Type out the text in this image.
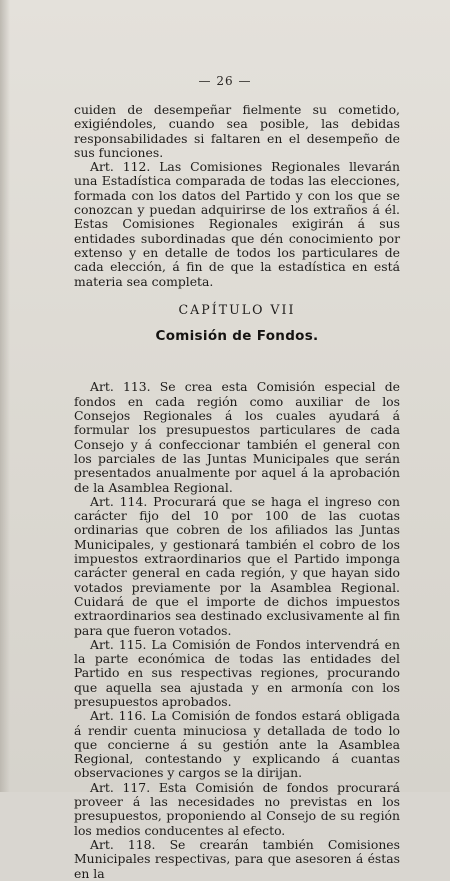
— 26 —

cuiden de desempeñar fielmente su cometido, exigiéndoles, cuando sea posible, las debidas responsabilidades si faltaren en el desempeño de sus funciones.

Art. 112. Las Comisiones Regionales llevarán una Estadística comparada de todas las elecciones, formada con los datos del Partido y con los que se conozcan y puedan adquirirse de los extraños á él. Estas Comisiones Regionales exigirán á sus entidades subordinadas que dén conocimiento por extenso y en detalle de todos los particulares de cada elección, á fin de que la estadística en está materia sea completa.

CAPÍTULO VII
Comisión de Fondos.

Art. 113. Se crea esta Comisión especial de fondos en cada región como auxiliar de los Consejos Regionales á los cuales ayudará á formular los presupuestos particulares de cada Consejo y á confeccionar también el general con los parciales de las Juntas Municipales que serán presentados anualmente por aquel á la aprobación de la Asamblea Regional.

Art. 114. Procurará que se haga el ingreso con carácter fijo del 10 por 100 de las cuotas ordinarias que cobren de los afiliados las Juntas Municipales, y gestionará también el cobro de los impuestos extraordinarios que el Partido imponga carácter general en cada región, y que hayan sido votados previamente por la Asamblea Regional. Cuidará de que el importe de dichos impuestos extraordinarios sea destinado exclusivamente al fin para que fueron votados.

Art. 115. La Comisión de Fondos intervendrá en la parte económica de todas las entidades del Partido en sus respectivas regiones, procurando que aquella sea ajustada y en armonía con los presupuestos aprobados.

Art. 116. La Comisión de fondos estará obligada á rendir cuenta minuciosa y detallada de todo lo que concierne á su gestión ante la Asamblea Regional, contestando y explicando á cuantas observaciones y cargos se la dirijan.

Art. 117. Esta Comisión de fondos procurará proveer á las necesidades no previstas en los presupuestos, proponiendo al Consejo de su región los medios conducentes al efecto.

Art. 118. Se crearán también Comisiones Municipales respectivas, para que asesoren á éstas en la
